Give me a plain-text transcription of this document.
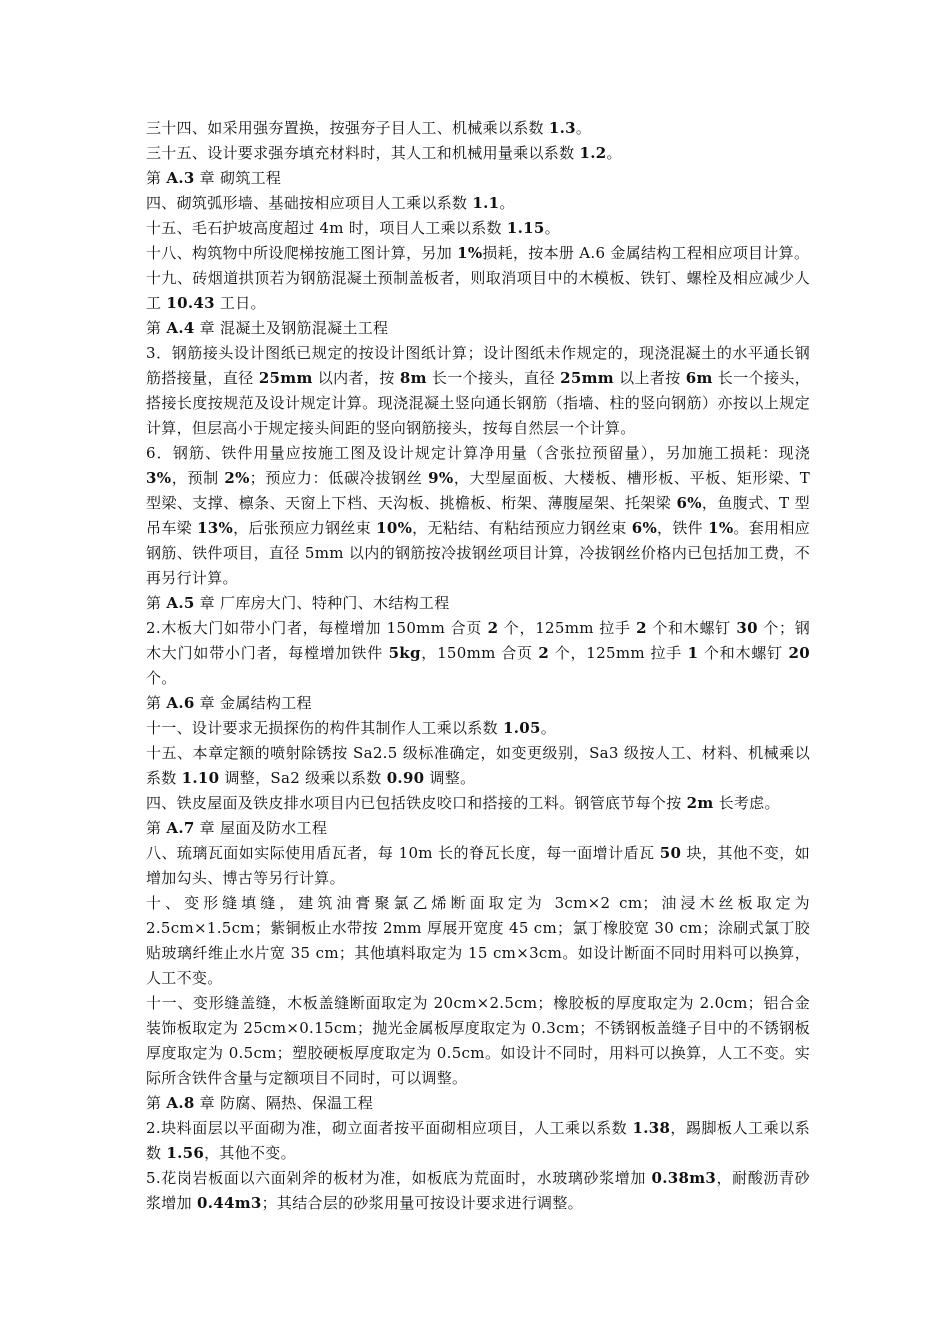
三十四、如采用强夯置换，按强夯子目人工、机械乘以系数 1.3。

三十五、设计要求强夯填充材料时，其人工和机械用量乘以系数 1.2。

第 A.3 章 砌筑工程

四、砌筑弧形墙、基础按相应项目人工乘以系数 1.1。

十五、毛石护坡高度超过 4m 时，项目人工乘以系数 1.15。

十八、构筑物中所设爬梯按施工图计算，另加 1%损耗，按本册 A.6 金属结构工程相应项目计算。

十九、砖烟道拱顶若为钢筋混凝土预制盖板者，则取消项目中的木模板、铁钉、螺栓及相应减少人工 10.43 工日。

第 A.4 章 混凝土及钢筋混凝土工程

3．钢筋接头设计图纸已规定的按设计图纸计算；设计图纸未作规定的，现浇混凝土的水平通长钢筋搭接量，直径 25mm 以内者，按 8m 长一个接头，直径 25mm 以上者按 6m 长一个接头，搭接长度按规范及设计规定计算。现浇混凝土竖向通长钢筋（指墙、柱的竖向钢筋）亦按以上规定计算，但层高小于规定接头间距的竖向钢筋接头，按每自然层一个计算。

6．钢筋、铁件用量应按施工图及设计规定计算净用量（含张拉预留量），另加施工损耗：现浇 3%，预制 2%；预应力：低碳冷拔钢丝 9%，大型屋面板、大楼板、槽形板、平板、矩形梁、T 型梁、支撑、檩条、天窗上下档、天沟板、挑檐板、桁架、薄腹屋架、托架梁 6%，鱼腹式、T 型吊车梁 13%，后张预应力钢丝束 10%，无粘结、有粘结预应力钢丝束 6%，铁件 1%。套用相应钢筋、铁件项目，直径 5mm 以内的钢筋按冷拔钢丝项目计算，冷拔钢丝价格内已包括加工费，不再另行计算。

第 A.5 章 厂库房大门、特种门、木结构工程

2.木板大门如带小门者，每樘增加 150mm 合页 2 个，125mm 拉手 2 个和木螺钉 30 个；钢木大门如带小门者，每樘增加铁件 5kg，150mm 合页 2 个，125mm 拉手 1 个和木螺钉 20 个。

第 A.6 章 金属结构工程

十一、设计要求无损探伤的构件其制作人工乘以系数 1.05。

十五、本章定额的喷射除锈按 Sa2.5 级标准确定，如变更级别，Sa3 级按人工、材料、机械乘以系数 1.10 调整，Sa2 级乘以系数 0.90 调整。

四、铁皮屋面及铁皮排水项目内已包括铁皮咬口和搭接的工料。钢管底节每个按 2m 长考虑。

第 A.7 章 屋面及防水工程

八、琉璃瓦面如实际使用盾瓦者，每 10m 长的脊瓦长度，每一面增计盾瓦 50 块，其他不变，如增加勾头、博古等另行计算。

十、变形缝填缝，建筑油膏聚氯乙烯断面取定为 3cm×2 cm；油浸木丝板取定为 2.5cm×1.5cm；紫铜板止水带按 2mm 厚展开宽度 45 cm；氯丁橡胶宽 30 cm；涂刷式氯丁胶贴玻璃纤维止水片宽 35 cm；其他填料取定为 15 cm×3cm。如设计断面不同时用料可以换算，人工不变。

十一、变形缝盖缝，木板盖缝断面取定为 20cm×2.5cm；橡胶板的厚度取定为 2.0cm；铝合金装饰板取定为 25cm×0.15cm；抛光金属板厚度取定为 0.3cm；不锈钢板盖缝子目中的不锈钢板厚度取定为 0.5cm；塑胶硬板厚度取定为 0.5cm。如设计不同时，用料可以换算，人工不变。实际所含铁件含量与定额项目不同时，可以调整。

第 A.8 章 防腐、隔热、保温工程

2.块料面层以平面砌为准，砌立面者按平面砌相应项目，人工乘以系数 1.38，踢脚板人工乘以系数 1.56，其他不变。

5.花岗岩板面以六面剁斧的板材为准，如板底为荒面时，水玻璃砂浆增加 0.38m3，耐酸沥青砂浆增加 0.44m3；其结合层的砂浆用量可按设计要求进行调整。
